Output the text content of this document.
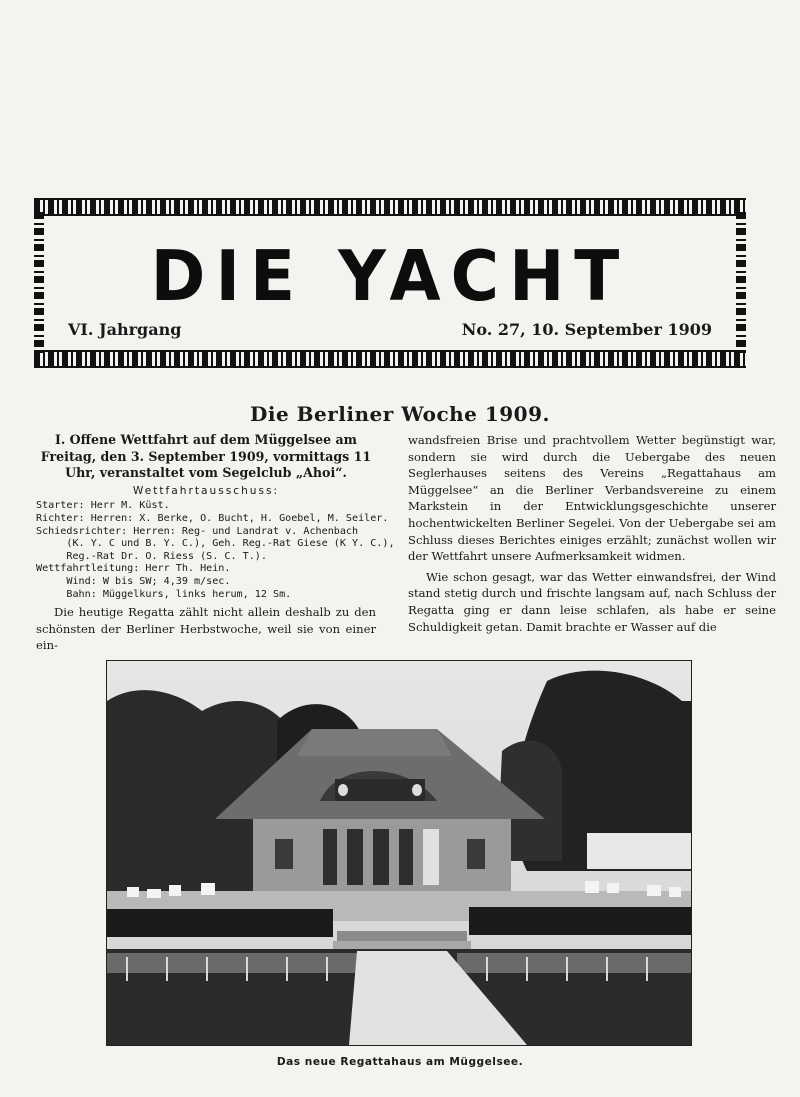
DIE YACHT
VI. Jahrgang	No. 27, 10. September 1909
Die Berliner Woche 1909.
I. Offene Wettfahrt auf dem Müggelsee am Freitag, den 3. September 1909, vormittags 11 Uhr, veranstaltet vom Segelclub „Ahoi“.
Wettfahrtausschuss:
Starter: Herr M. Küst.
Richter: Herren: X. Berke, O. Bucht, H. Goebel, M. Seiler.
Schiedsrichter: Herren: Reg- und Landrat v. Achenbach
(K. Y. C und B. Y. C.), Geh. Reg.-Rat Giese (K Y. C.),
Reg.-Rat Dr. O. Riess (S. C. T.).
Wettfahrtleitung: Herr Th. Hein.
Wind: W bis SW; 4,39 m/sec.
Bahn: Müggelkurs, links herum, 12 Sm.

Die heutige Regatta zählt nicht allein deshalb zu den schönsten der Berliner Herbstwoche, weil sie von einer ein-

wandsfreien Brise und prachtvollem Wetter begünstigt war, sondern sie wird durch die Uebergabe des neuen Seglerhauses seitens des Vereins „Regattahaus am Müggelsee“ an die Berliner Verbandsvereine zu einem Markstein in der Entwicklungsgeschichte unserer hochentwickelten Berliner Segelei. Von der Uebergabe sei am Schluss dieses Berichtes einiges erzählt; zunächst wollen wir der Wettfahrt unsere Aufmerksamkeit widmen.

Wie schon gesagt, war das Wetter einwandsfrei, der Wind stand stetig durch und frischte langsam auf, nach Schluss der Regatta ging er dann leise schlafen, als habe er seine Schuldigkeit getan. Damit brachte er Wasser auf die

Das neue Regattahaus am Müggelsee.
